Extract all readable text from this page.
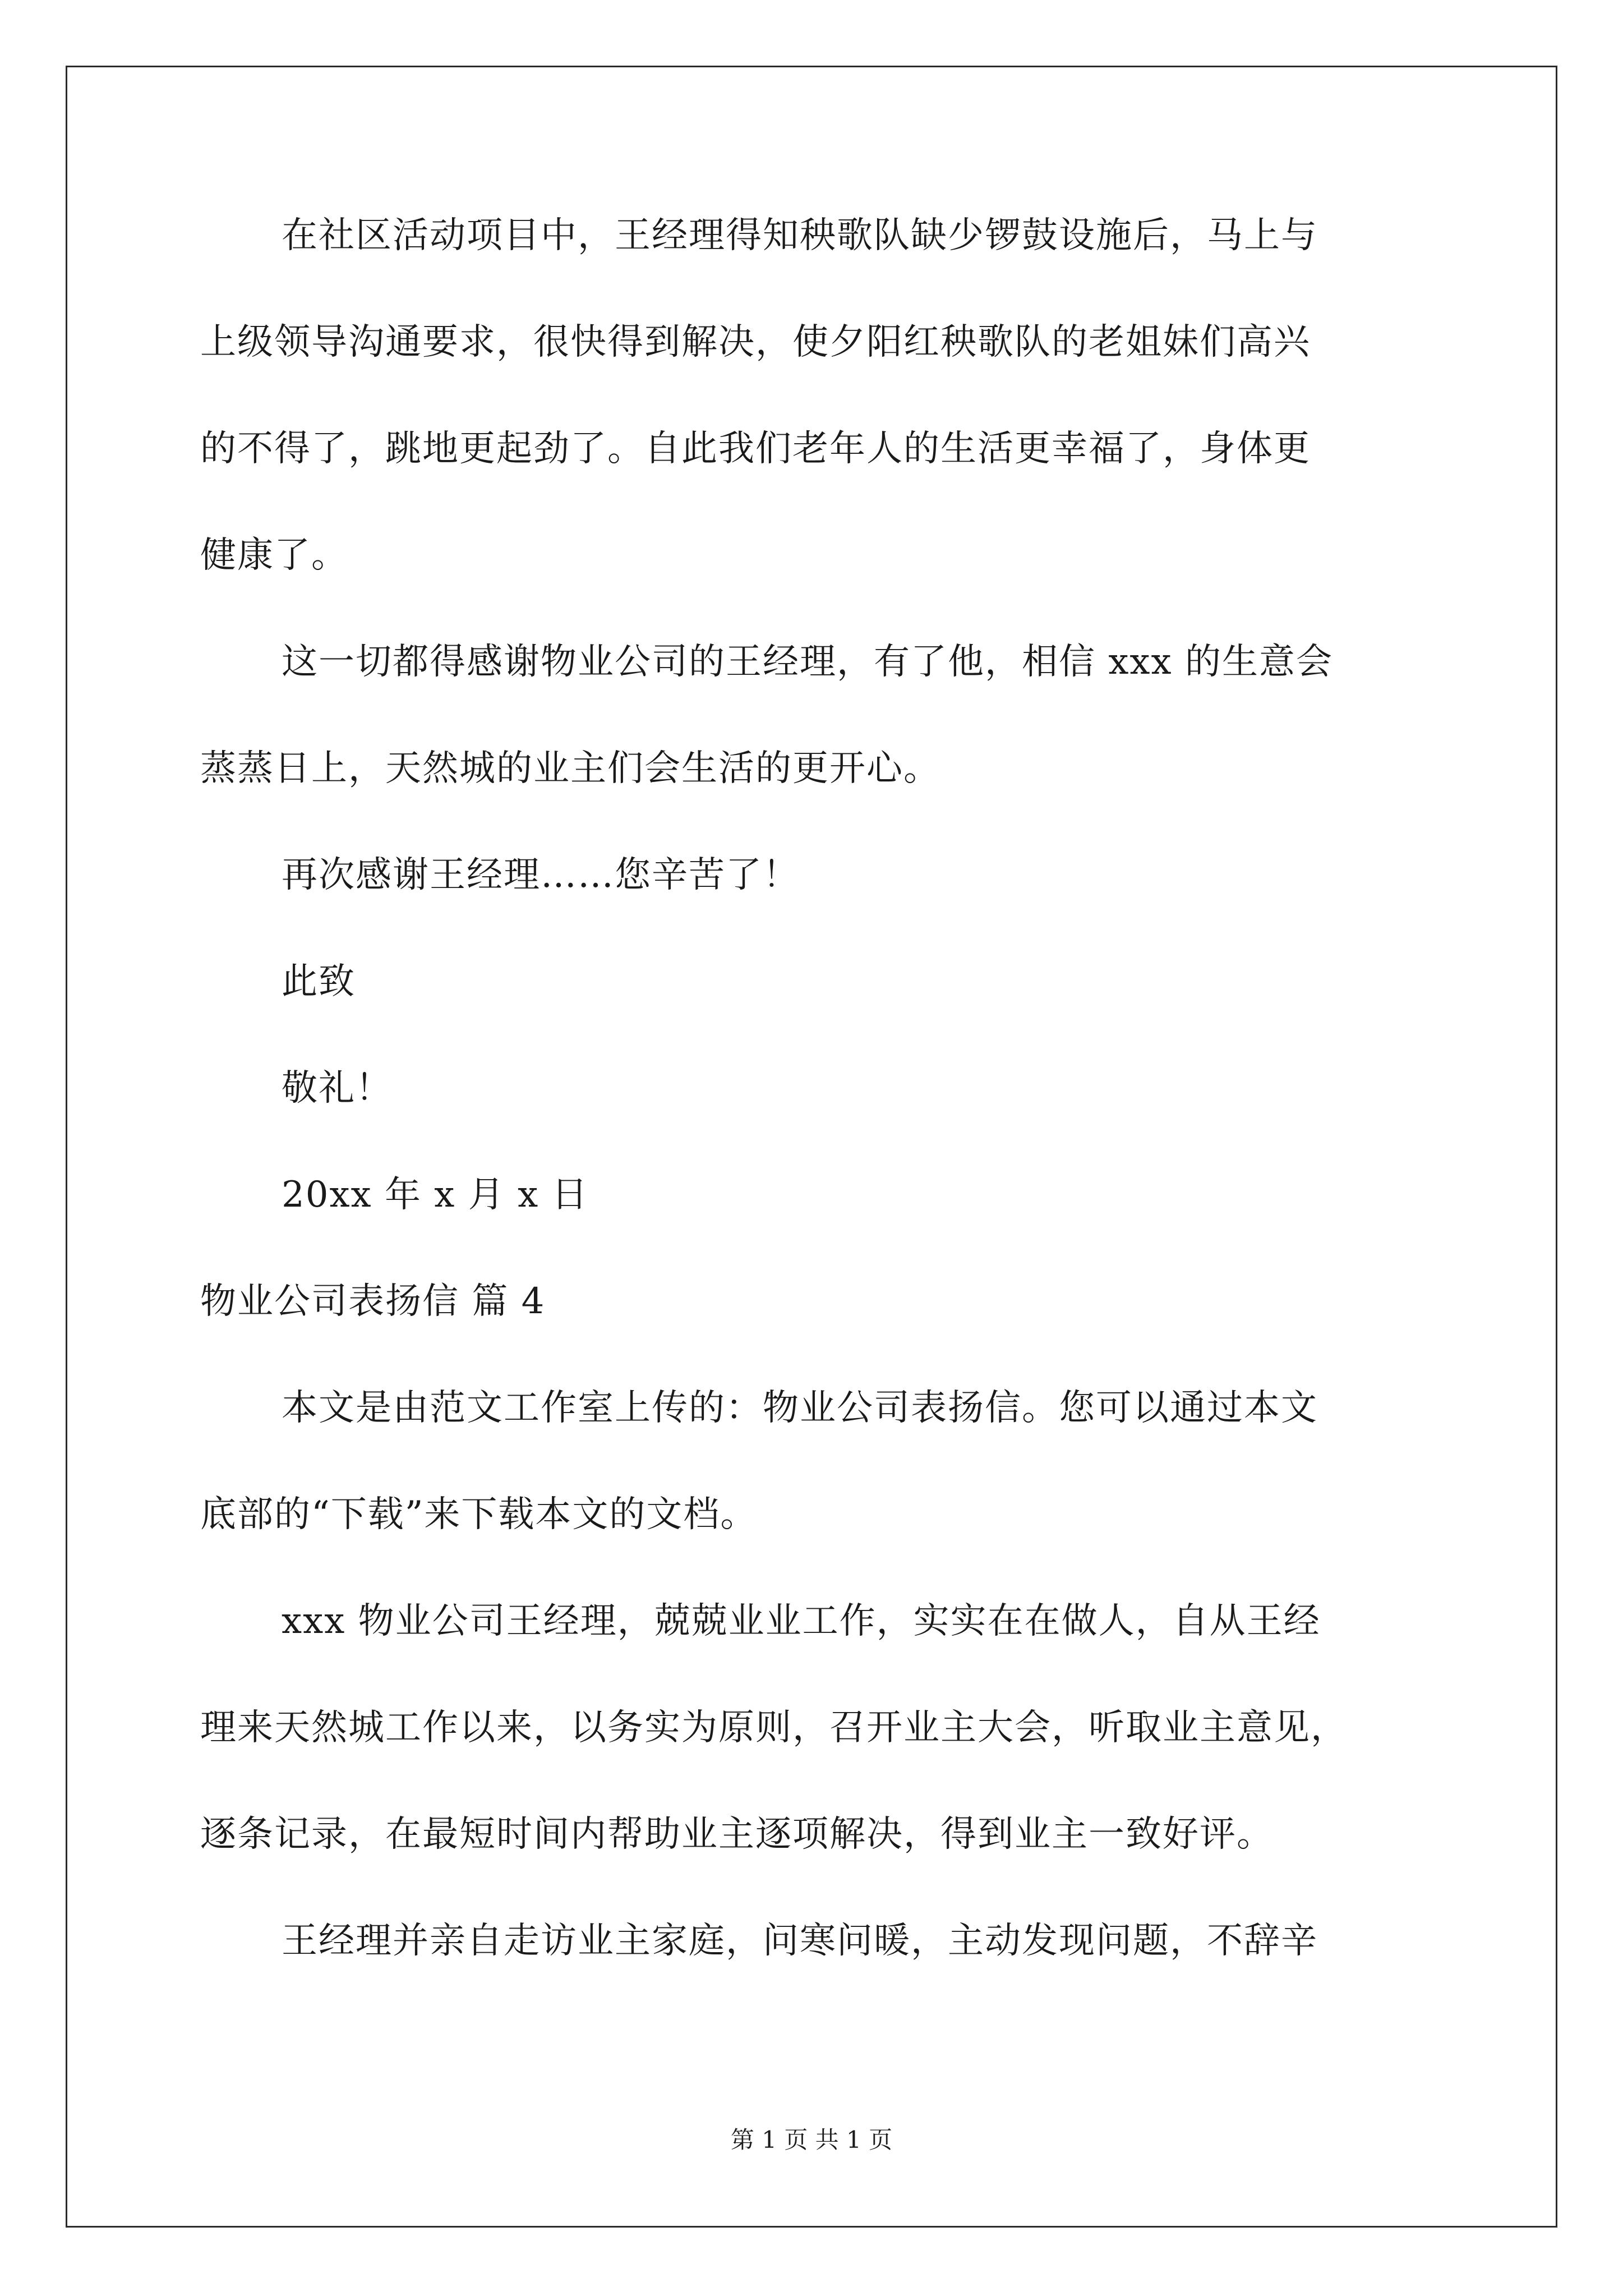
在社区活动项目中，王经理得知秧歌队缺少锣鼓设施后，马上与
上级领导沟通要求，很快得到解决，使夕阳红秧歌队的老姐妹们高兴
的不得了，跳地更起劲了。自此我们老年人的生活更幸福了，身体更
健康了。
这一切都得感谢物业公司的王经理，有了他，相信 xxx 的生意会
蒸蒸日上，天然城的业主们会生活的更开心。
再次感谢王经理……您辛苦了！
此致
敬礼！
20xx 年 x 月 x 日
物业公司表扬信 篇 4
本文是由范文工作室上传的：物业公司表扬信。您可以通过本文
底部的“下载”来下载本文的文档。
xxx 物业公司王经理，兢兢业业工作，实实在在做人，自从王经
理来天然城工作以来，以务实为原则，召开业主大会，听取业主意见，
逐条记录，在最短时间内帮助业主逐项解决，得到业主一致好评。
王经理并亲自走访业主家庭，问寒问暖，主动发现问题，不辞辛
第 1 页 共 1 页
